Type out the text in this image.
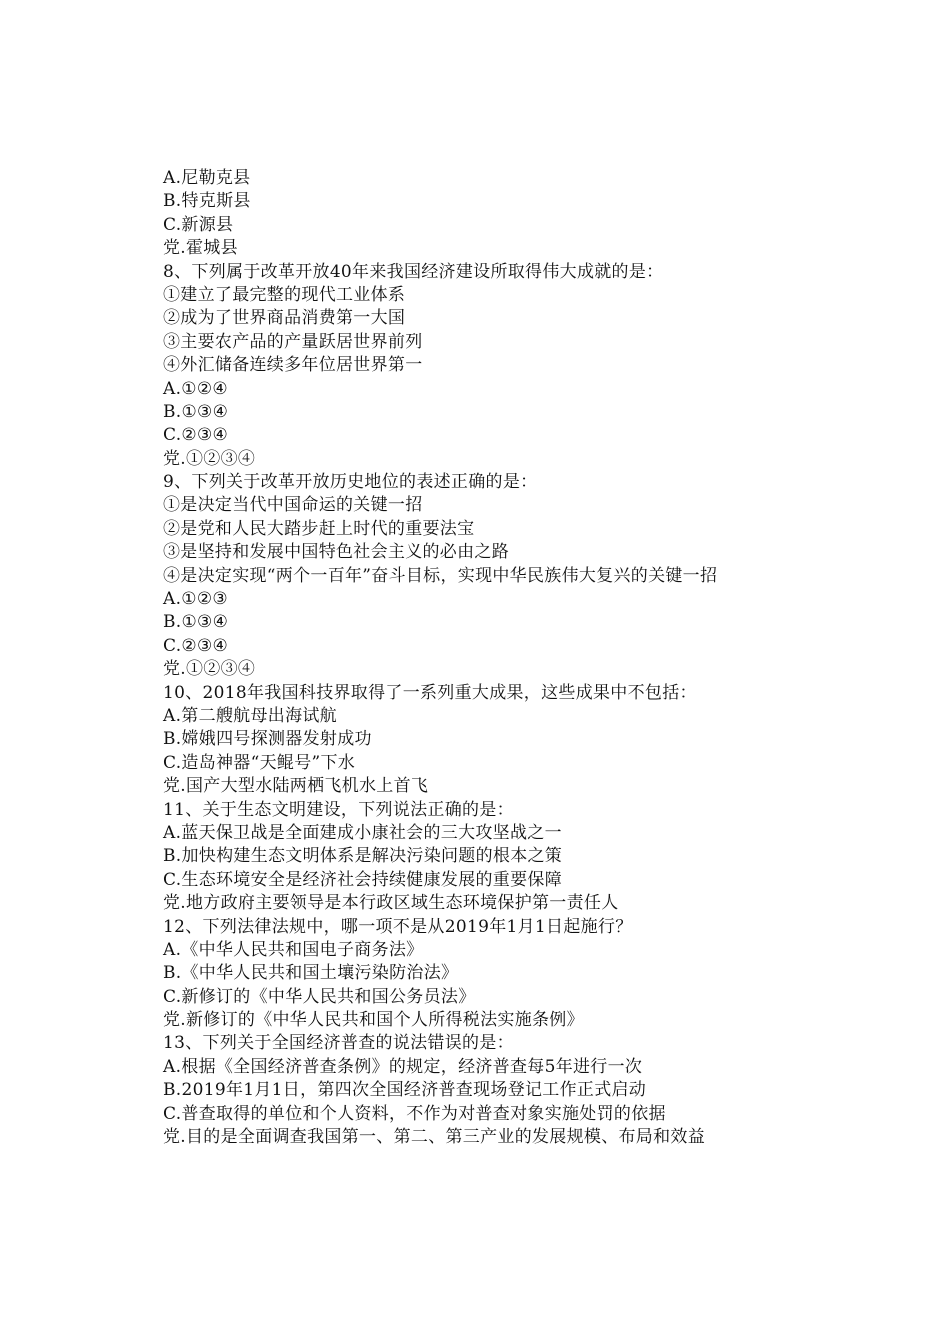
A.尼勒克县
B.特克斯县
C.新源县
党.霍城县
8、下列属于改革开放40年来我国经济建设所取得伟大成就的是：
①建立了最完整的现代工业体系
②成为了世界商品消费第一大国
③主要农产品的产量跃居世界前列
④外汇储备连续多年位居世界第一
A.①②④
B.①③④
C.②③④
党.①②③④
9、下列关于改革开放历史地位的表述正确的是：
①是决定当代中国命运的关键一招
②是党和人民大踏步赶上时代的重要法宝
③是坚持和发展中国特色社会主义的必由之路
④是决定实现“两个一百年”奋斗目标，实现中华民族伟大复兴的关键一招
A.①②③
B.①③④
C.②③④
党.①②③④
10、2018年我国科技界取得了一系列重大成果，这些成果中不包括：
A.第二艘航母出海试航
B.嫦娥四号探测器发射成功
C.造岛神器“天鲲号”下水
党.国产大型水陆两栖飞机水上首飞
11、关于生态文明建设，下列说法正确的是：
A.蓝天保卫战是全面建成小康社会的三大攻坚战之一
B.加快构建生态文明体系是解决污染问题的根本之策
C.生态环境安全是经济社会持续健康发展的重要保障
党.地方政府主要领导是本行政区域生态环境保护第一责任人
12、下列法律法规中，哪一项不是从2019年1月1日起施行？
A.《中华人民共和国电子商务法》
B.《中华人民共和国土壤污染防治法》
C.新修订的《中华人民共和国公务员法》
党.新修订的《中华人民共和国个人所得税法实施条例》
13、下列关于全国经济普查的说法错误的是：
A.根据《全国经济普查条例》的规定，经济普查每5年进行一次
B.2019年1月1日，第四次全国经济普查现场登记工作正式启动
C.普查取得的单位和个人资料，不作为对普查对象实施处罚的依据
党.目的是全面调查我国第一、第二、第三产业的发展规模、布局和效益
